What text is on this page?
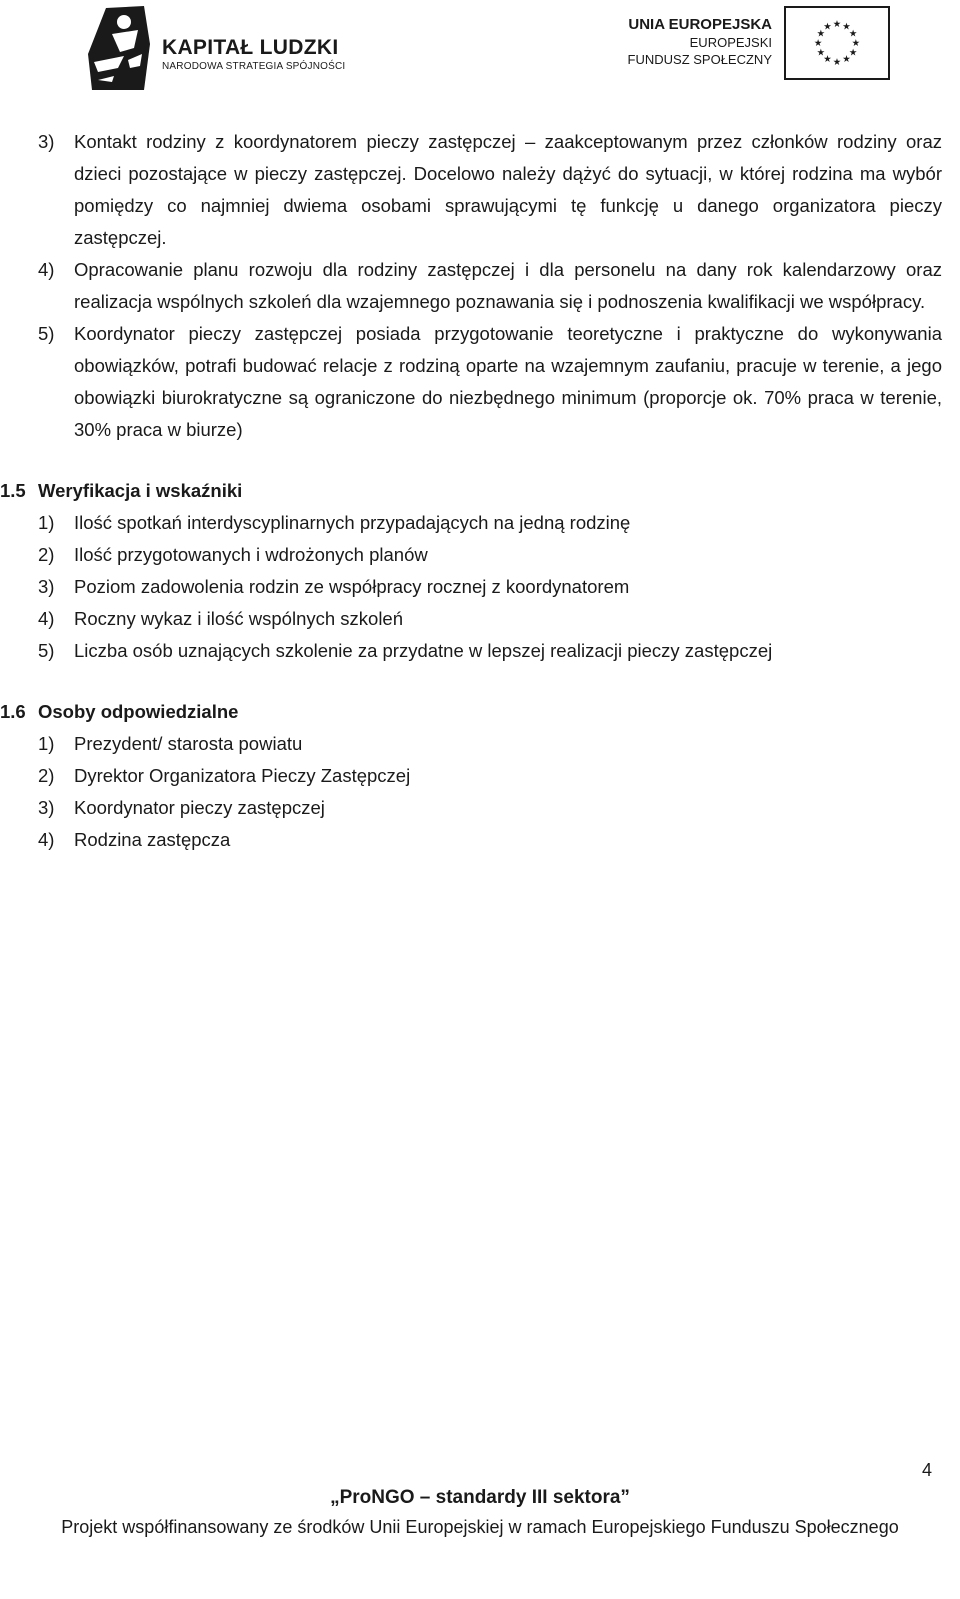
KAPITAŁ LUDZKI
NARODOWA STRATEGIA SPÓJNOŚCI
UNIA EUROPEJSKA
EUROPEJSKI
FUNDUSZ SPOŁECZNY
★ ★
★
★
★
★
★
★
★
★
★
★
3) Kontakt rodziny z koordynatorem pieczy zastępczej – zaakceptowanym przez członków rodziny oraz dzieci pozostające w pieczy zastępczej. Docelowo należy dążyć do sytuacji, w której rodzina ma wybór pomiędzy co najmniej dwiema osobami sprawującymi tę funkcję u danego organizatora pieczy zastępczej.
4) Opracowanie planu rozwoju dla rodziny zastępczej i dla personelu na dany rok kalendarzowy oraz realizacja wspólnych szkoleń dla wzajemnego poznawania się i podnoszenia kwalifikacji we współpracy.
5) Koordynator pieczy zastępczej posiada przygotowanie teoretyczne i praktyczne do wykonywania obowiązków, potrafi budować relacje z rodziną oparte na wzajemnym zaufaniu, pracuje w terenie, a jego obowiązki biurokratyczne są ograniczone do niezbędnego minimum (proporcje ok. 70% praca w terenie, 30% praca w biurze)
1.5 Weryfikacja i wskaźniki
1) Ilość spotkań interdyscyplinarnych przypadających na jedną rodzinę
2) Ilość przygotowanych i wdrożonych planów
3) Poziom zadowolenia rodzin ze współpracy rocznej z koordynatorem
4) Roczny wykaz i ilość wspólnych szkoleń
5) Liczba osób uznających szkolenie za przydatne w lepszej realizacji pieczy zastępczej
1.6 Osoby odpowiedzialne
1) Prezydent/ starosta powiatu
2) Dyrektor Organizatora Pieczy Zastępczej
3) Koordynator pieczy zastępczej
4) Rodzina zastępcza
4
„ProNGO – standardy III sektora”
Projekt współfinansowany ze środków Unii Europejskiej w ramach Europejskiego Funduszu Społecznego
